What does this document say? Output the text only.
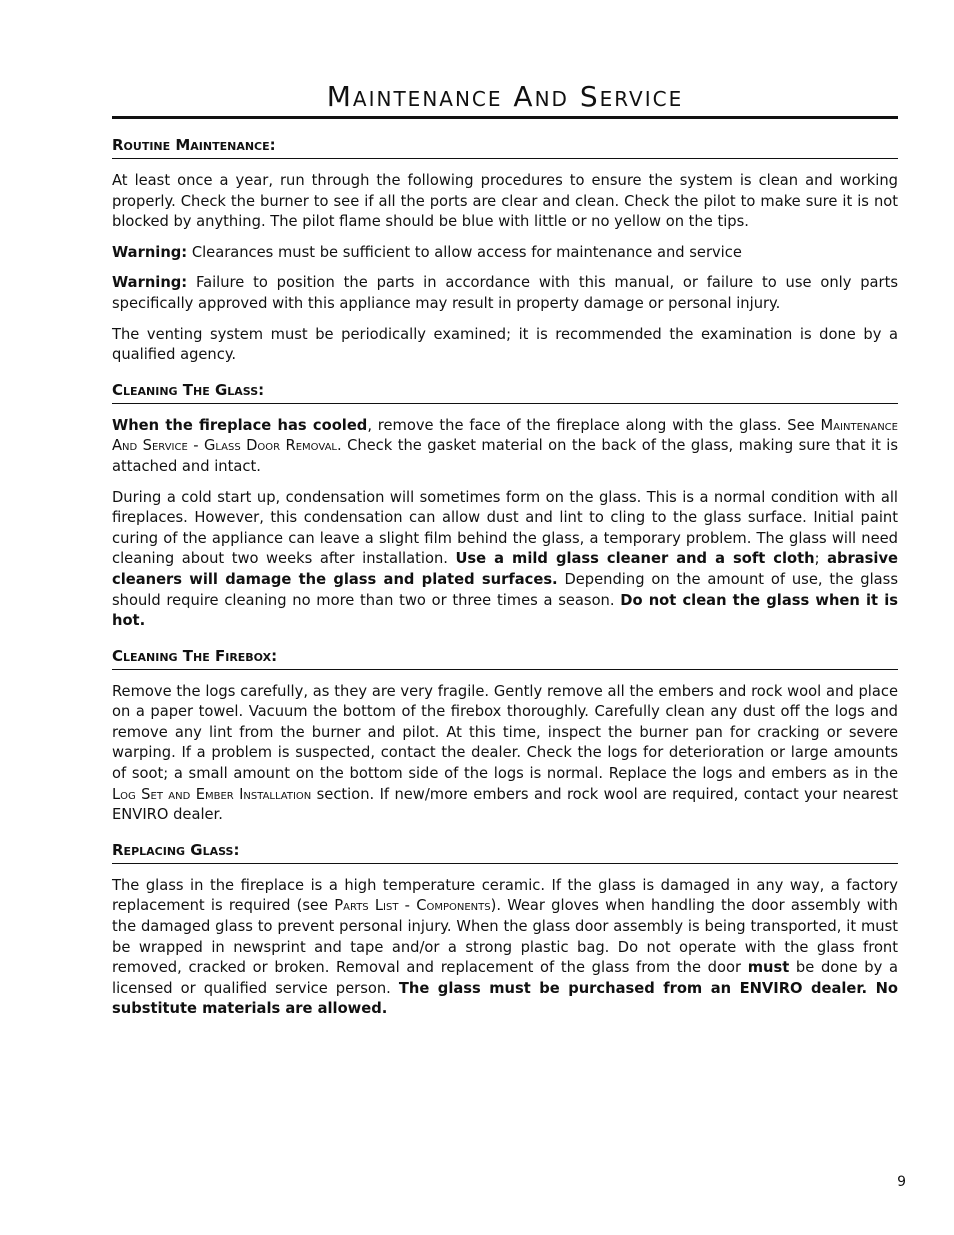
Maintenance And Service
Routine Maintenance:

At least once a year, run through the following procedures to ensure the system is clean and working properly. Check the burner to see if all the ports are clear and clean. Check the pilot to make sure it is not blocked by anything. The pilot flame should be blue with little or no yellow on the tips.

Warning: Clearances must be sufficient to allow access for maintenance and service

Warning: Failure to position the parts in accordance with this manual, or failure to use only parts specifically approved with this appliance may result in property damage or personal injury.

The venting system must be periodically examined; it is recommended the examination is done by a qualified agency.

Cleaning The Glass:

When the fireplace has cooled, remove the face of the fireplace along with the glass. See Maintenance And Service - Glass Door Removal. Check the gasket material on the back of the glass, making sure that it is attached and intact.

During a cold start up, condensation will sometimes form on the glass. This is a normal condition with all fireplaces. However, this condensation can allow dust and lint to cling to the glass surface. Initial paint curing of the appliance can leave a slight film behind the glass, a temporary problem. The glass will need cleaning about two weeks after installation. Use a mild glass cleaner and a soft cloth; abrasive cleaners will damage the glass and plated surfaces. Depending on the amount of use, the glass should require cleaning no more than two or three times a season. Do not clean the glass when it is hot.

Cleaning The Firebox:

Remove the logs carefully, as they are very fragile. Gently remove all the embers and rock wool and place on a paper towel. Vacuum the bottom of the firebox thoroughly. Carefully clean any dust off the logs and remove any lint from the burner and pilot. At this time, inspect the burner pan for cracking or severe warping. If a problem is suspected, contact the dealer. Check the logs for deterioration or large amounts of soot; a small amount on the bottom side of the logs is normal. Replace the logs and embers as in the Log Set and Ember Installation section. If new/more embers and rock wool are required, contact your nearest ENVIRO dealer.

Replacing Glass:

The glass in the fireplace is a high temperature ceramic. If the glass is damaged in any way, a factory replacement is required (see Parts List - Components). Wear gloves when handling the door assembly with the damaged glass to prevent personal injury. When the glass door assembly is being transported, it must be wrapped in newsprint and tape and/or a strong plastic bag. Do not operate with the glass front removed, cracked or broken. Removal and replacement of the glass from the door must be done by a licensed or qualified service person. The glass must be purchased from an ENVIRO dealer. No substitute materials are allowed.

9
